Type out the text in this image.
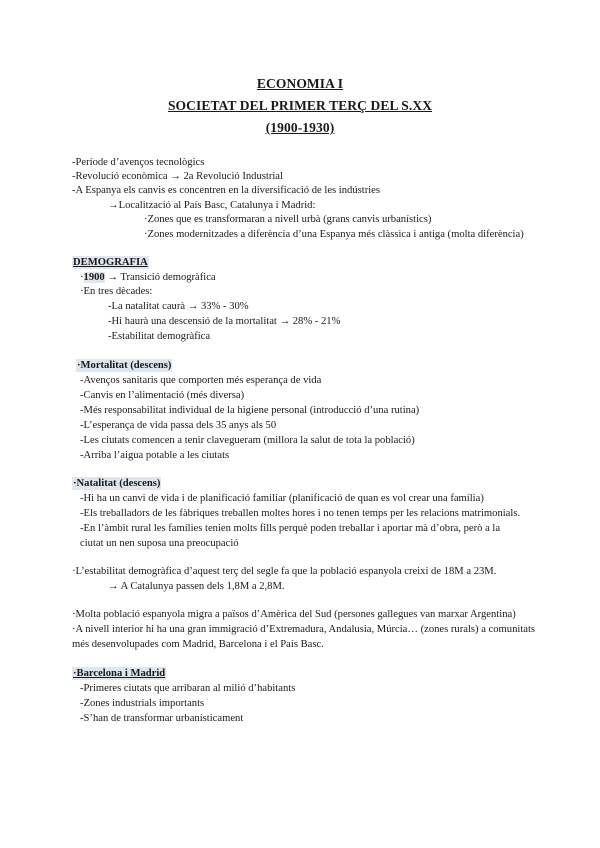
ECONOMIA I
SOCIETAT DEL PRIMER TERÇ DEL S.XX
(1900-1930)
-Període d’avenços tecnològics
-Revolució econòmica → 2a Revolució Industrial
-A Espanya els canvis es concentren en la diversificació de les indústries
→Localització al País Basc, Catalunya i Madrid:
·Zones que es transformaran a nivell urbà (grans canvis urbanístics)
·Zones modernitzades a diferència d’una Espanya més clàssica i antiga (molta diferència)
DEMOGRAFIA
·1900 → Transició demogràfica
·En tres dècades:
-La natalitat caurà → 33% - 30%
-Hi haurà una descensió de la mortalitat → 28% - 21%
-Estabilitat demogràfica
·Mortalitat (descens)
-Avenços sanitaris que comporten més esperança de vida
-Canvis en l’alimentació (més diversa)
-Més responsabilitat individual de la higiene personal (introducció d’una rutina)
-L’esperança de vida passa dels 35 anys als 50
-Les ciutats comencen a tenir clavegueram (millora la salut de tota la població)
-Arriba l’aigua potable a les ciutats
·Natalitat (descens)
-Hi ha un canvi de vida i de planificació familiar (planificació de quan es vol crear una família)
-Els treballadors de les fàbriques treballen moltes hores i no tenen temps per les relacions matrimonials.
-En l’àmbit rural les famílies tenien molts fills perquè poden treballar i aportar mà d’obra, però a la
ciutat un nen suposa una preocupació
·L’estabilitat demogràfica d’aquest terç del segle fa que la població espanyola creixi de 18M a 23M.
→ A Catalunya passen dels 1,8M a 2,8M.
·Molta població espanyola migra a països d’Amèrica del Sud (persones gallegues van marxar Argentina)
·A nivell interior hi ha una gran immigració d’Extremadura, Andalusia, Múrcia… (zones rurals) a comunitats
més desenvolupades com Madrid, Barcelona i el País Basc.
·Barcelona i Madrid
-Primeres ciutats que arribaran al milió d’habitants
-Zones industrials importants
-S’han de transformar urbanísticament
